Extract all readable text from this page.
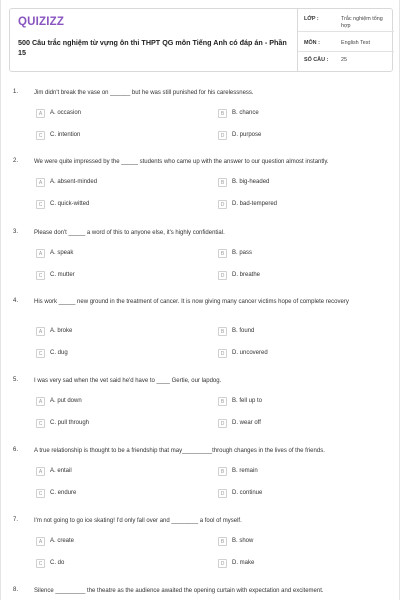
QUIZIZZ
500 Câu trắc nghiệm từ vựng ôn thi THPT QG môn Tiếng Anh có đáp án - Phần 15
LỚP :	Trắc nghiệm tổng hợp
MÔN :	English Test
SỐ CÂU :	25
1.	Jim didn't break the vase on ______ but he was still punished for his carelessness.
A	A. occasion	B	B. chance
C	C. intention	D	D. purpose
2.	We were quite impressed by the _____ students who came up with the answer to our question almost instantly.
A	A. absent-minded	B	B. big-headed
C	C. quick-witted	D	D. bad-tempered
3.	Please don't _____ a word of this to anyone else, it's highly confidential.
A	A. speak	B	B. pass
C	C. mutter	D	D. breathe
4.	His work _____ new ground in the treatment of cancer. It is now giving many cancer victims hope of complete recovery
A	A. broke	B	B. found
C	C. dug	D	D. uncovered
5.	I was very sad when the vet said he'd have to ____ Gertie, our lapdog.
A	A. put down	B	B. fell up to
C	C. pull through	D	D. wear off
6.	A true relationship is thought to be a friendship that may_________through changes in the lives of the friends.
A	A. entail	B	B. remain
C	C. endure	D	D. continue
7.	I'm not going to go ice skating! I'd only fall over and ________ a fool of myself.
A	A. create	B	B. show
C	C. do	D	D. make
8.	Silence _________ the theatre as the audience awaited the opening curtain with expectation and excitement.
